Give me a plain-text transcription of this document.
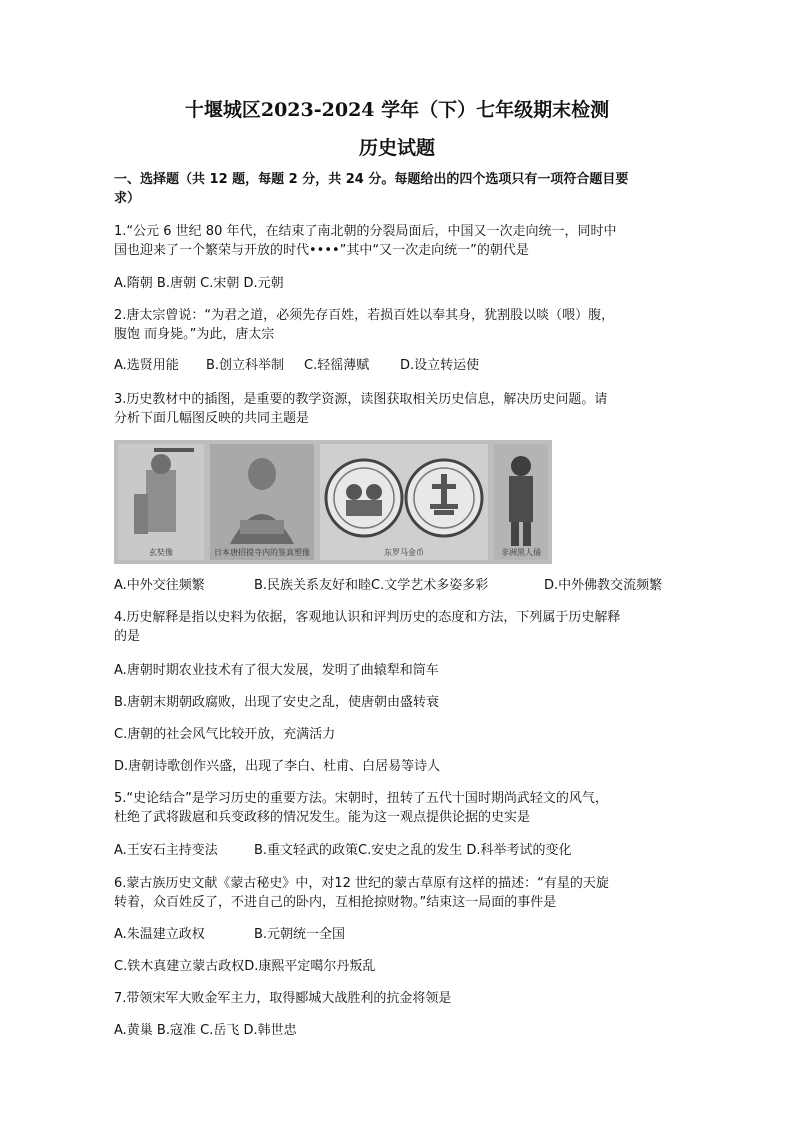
十堰城区2023-2024 学年（下）七年级期末检测
历史试题
一、选择题（共 12 题，每题 2 分，共 24 分。每题给出的四个选项只有一项符合题目要
求）
1.“公元 6 世纪 80 年代，在结束了南北朝的分裂局面后，中国又一次走向统一，同时中
国也迎来了一个繁荣与开放的时代••••”其中“又一次走向统一”的朝代是
A.隋朝 B.唐朝 C.宋朝 D.元朝
2.唐太宗曾说：“为君之道，必须先存百姓，若损百姓以奉其身，犹割股以啖（喂）腹，
腹饱 而身毙。”为此，唐太宗
A.选贤用能 B.创立科举制 C.轻徭薄赋 D.设立转运使
3.历史教材中的插图，是重要的教学资源，读图获取相关历史信息，解决历史问题。请
分析下面几幅图反映的共同主题是
玄奘像	日本唐招提寺内的鉴真塑像	东罗马金币	非洲黑人俑
A.中外交往频繁	B.民族关系友好和睦C.文学艺术多姿多彩	D.中外佛教交流频繁
4.历史解释是指以史料为依据，客观地认识和评判历史的态度和方法，下列属于历史解释
的是
A.唐朝时期农业技术有了很大发展，发明了曲辕犁和筒车
B.唐朝末期朝政腐败，出现了安史之乱，使唐朝由盛转衰
C.唐朝的社会风气比较开放，充满活力
D.唐朝诗歌创作兴盛，出现了李白、杜甫、白居易等诗人
5.“史论结合”是学习历史的重要方法。宋朝时，扭转了五代十国时期尚武轻文的风气，
杜绝了武将跋扈和兵变政移的情况发生。能为这一观点提供论据的史实是
A.王安石主持变法	B.重文轻武的政策C.安史之乱的发生 D.科举考试的变化
6.蒙古族历史文献《蒙古秘史》中，对12 世纪的蒙古草原有这样的描述：“有星的天旋
转着，众百姓反了，不进自己的卧内，互相抢掠财物。”结束这一局面的事件是
A.朱温建立政权	B.元朝统一全国
C.铁木真建立蒙古政权D.康熙平定噶尔丹叛乱
7.带领宋军大败金军主力，取得郾城大战胜利的抗金将领是
A.黄巢 B.寇准 C.岳飞 D.韩世忠
